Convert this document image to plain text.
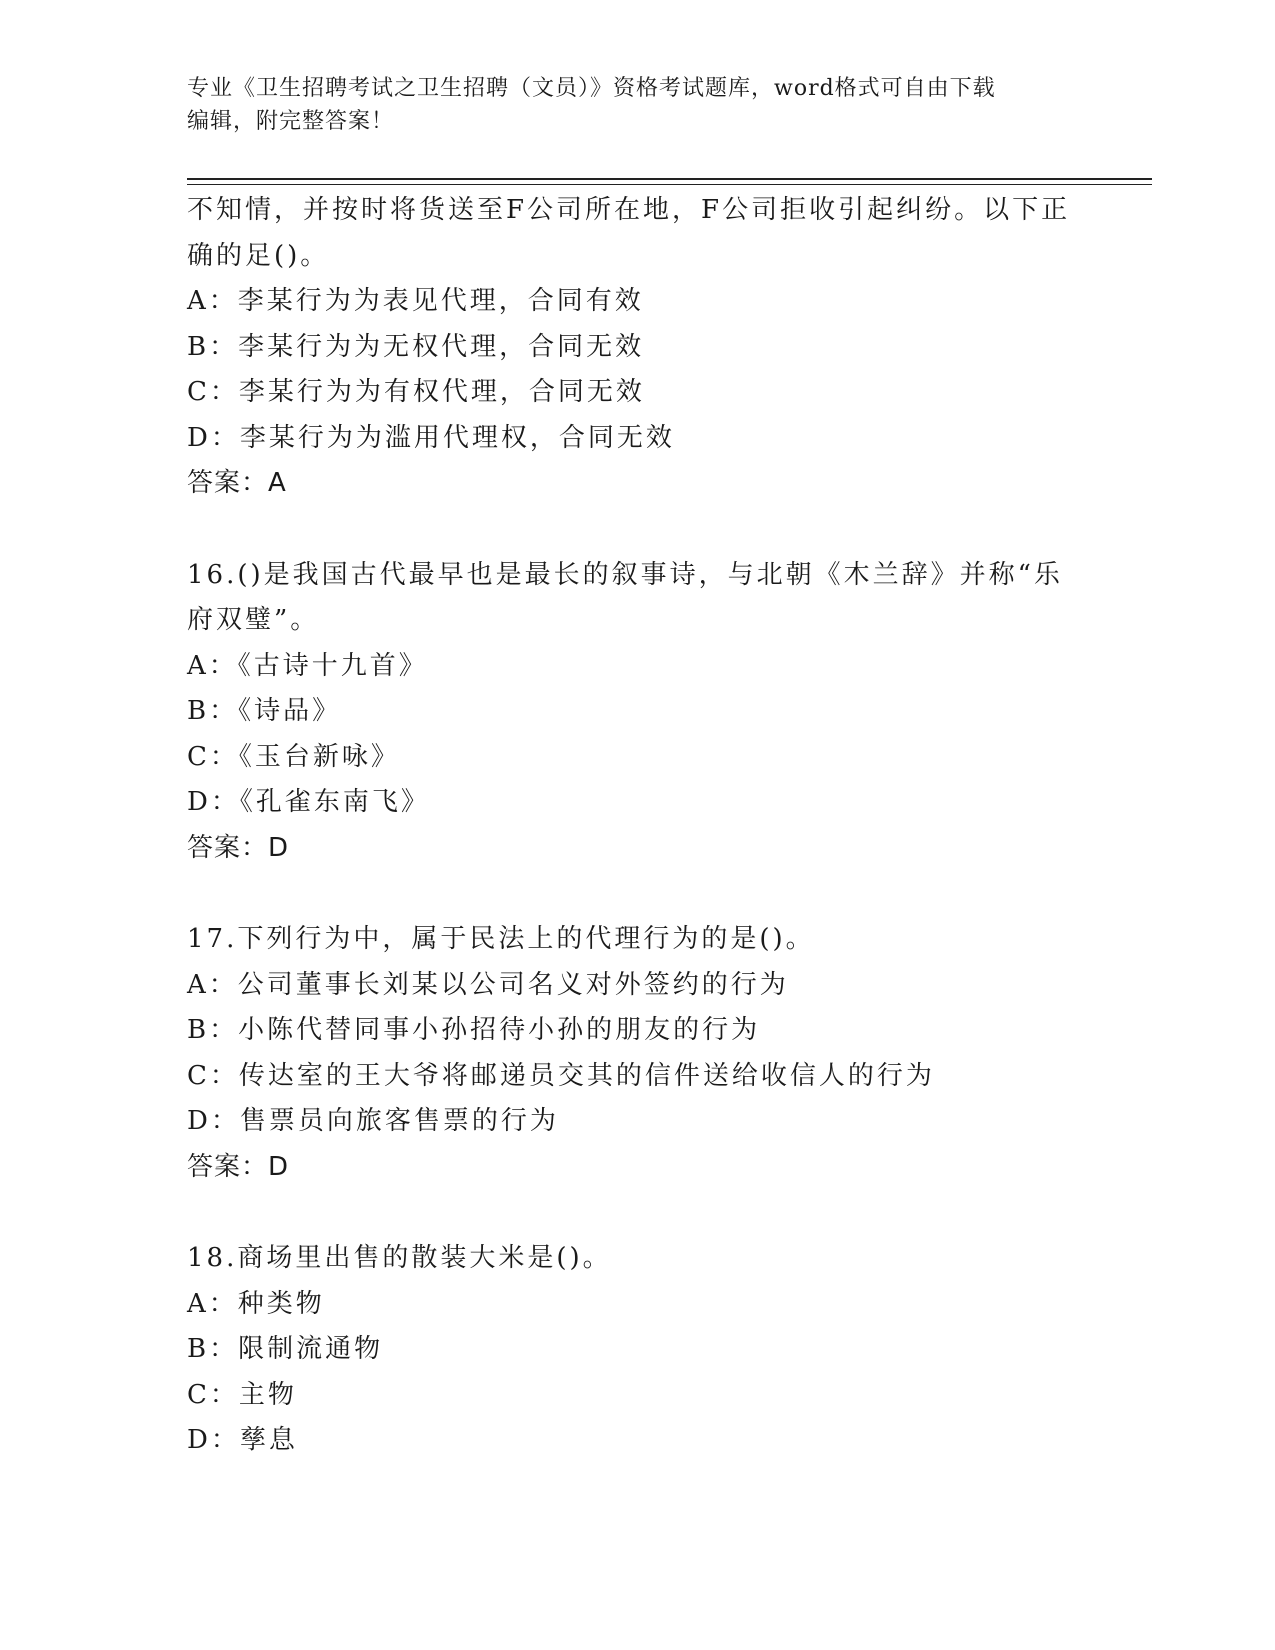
专业《卫生招聘考试之卫生招聘（文员）》资格考试题库，word格式可自由下载
编辑，附完整答案！
不知情，并按时将货送至F公司所在地，F公司拒收引起纠纷。以下正
确的足()。
A：李某行为为表见代理，合同有效
B：李某行为为无权代理，合同无效
C：李某行为为有权代理，合同无效
D：李某行为为滥用代理权，合同无效
答案：A
16.()是我国古代最早也是最长的叙事诗，与北朝《木兰辞》并称“乐
府双璧”。
A：《古诗十九首》
B：《诗品》
C：《玉台新咏》
D：《孔雀东南飞》
答案：D
17.下列行为中，属于民法上的代理行为的是()。
A：公司董事长刘某以公司名义对外签约的行为
B：小陈代替同事小孙招待小孙的朋友的行为
C：传达室的王大爷将邮递员交其的信件送给收信人的行为
D：售票员向旅客售票的行为
答案：D
18.商场里出售的散装大米是()。
A：种类物
B：限制流通物
C：主物
D：孳息
